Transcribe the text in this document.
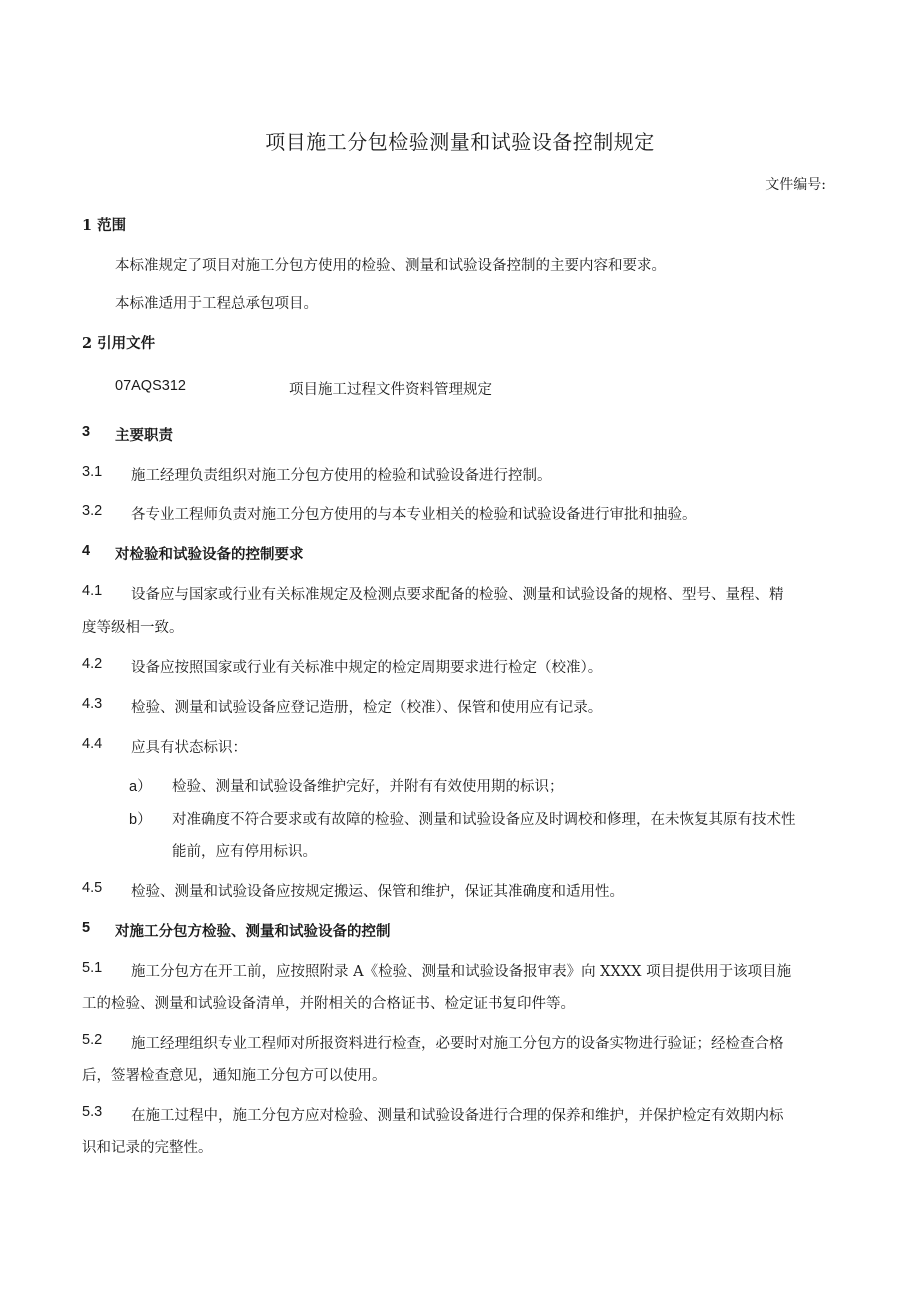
项目施工分包检验测量和试验设备控制规定
文件编号:
1 范围
本标准规定了项目对施工分包方使用的检验、测量和试验设备控制的主要内容和要求。
本标准适用于工程总承包项目。
2 引用文件
07AQS312	项目施工过程文件资料管理规定
3 主要职责
3.1 施工经理负责组织对施工分包方使用的检验和试验设备进行控制。
3.2 各专业工程师负责对施工分包方使用的与本专业相关的检验和试验设备进行审批和抽验。
4 对检验和试验设备的控制要求
4.1 设备应与国家或行业有关标准规定及检测点要求配备的检验、测量和试验设备的规格、型号、量程、精
度等级相一致。
4.2 设备应按照国家或行业有关标准中规定的检定周期要求进行检定（校准）。
4.3 检验、测量和试验设备应登记造册，检定（校准）、保管和使用应有记录。
4.4 应具有状态标识：
a） 检验、测量和试验设备维护完好，并附有有效使用期的标识；
b） 对准确度不符合要求或有故障的检验、测量和试验设备应及时调校和修理，在未恢复其原有技术性
能前，应有停用标识。
4.5 检验、测量和试验设备应按规定搬运、保管和维护，保证其准确度和适用性。
5 对施工分包方检验、测量和试验设备的控制
5.1 施工分包方在开工前，应按照附录 A《检验、测量和试验设备报审表》向 XXXX 项目提供用于该项目施
工的检验、测量和试验设备清单，并附相关的合格证书、检定证书复印件等。
5.2 施工经理组织专业工程师对所报资料进行检查，必要时对施工分包方的设备实物进行验证；经检查合格
后，签署检查意见，通知施工分包方可以使用。
5.3 在施工过程中，施工分包方应对检验、测量和试验设备进行合理的保养和维护，并保护检定有效期内标
识和记录的完整性。
